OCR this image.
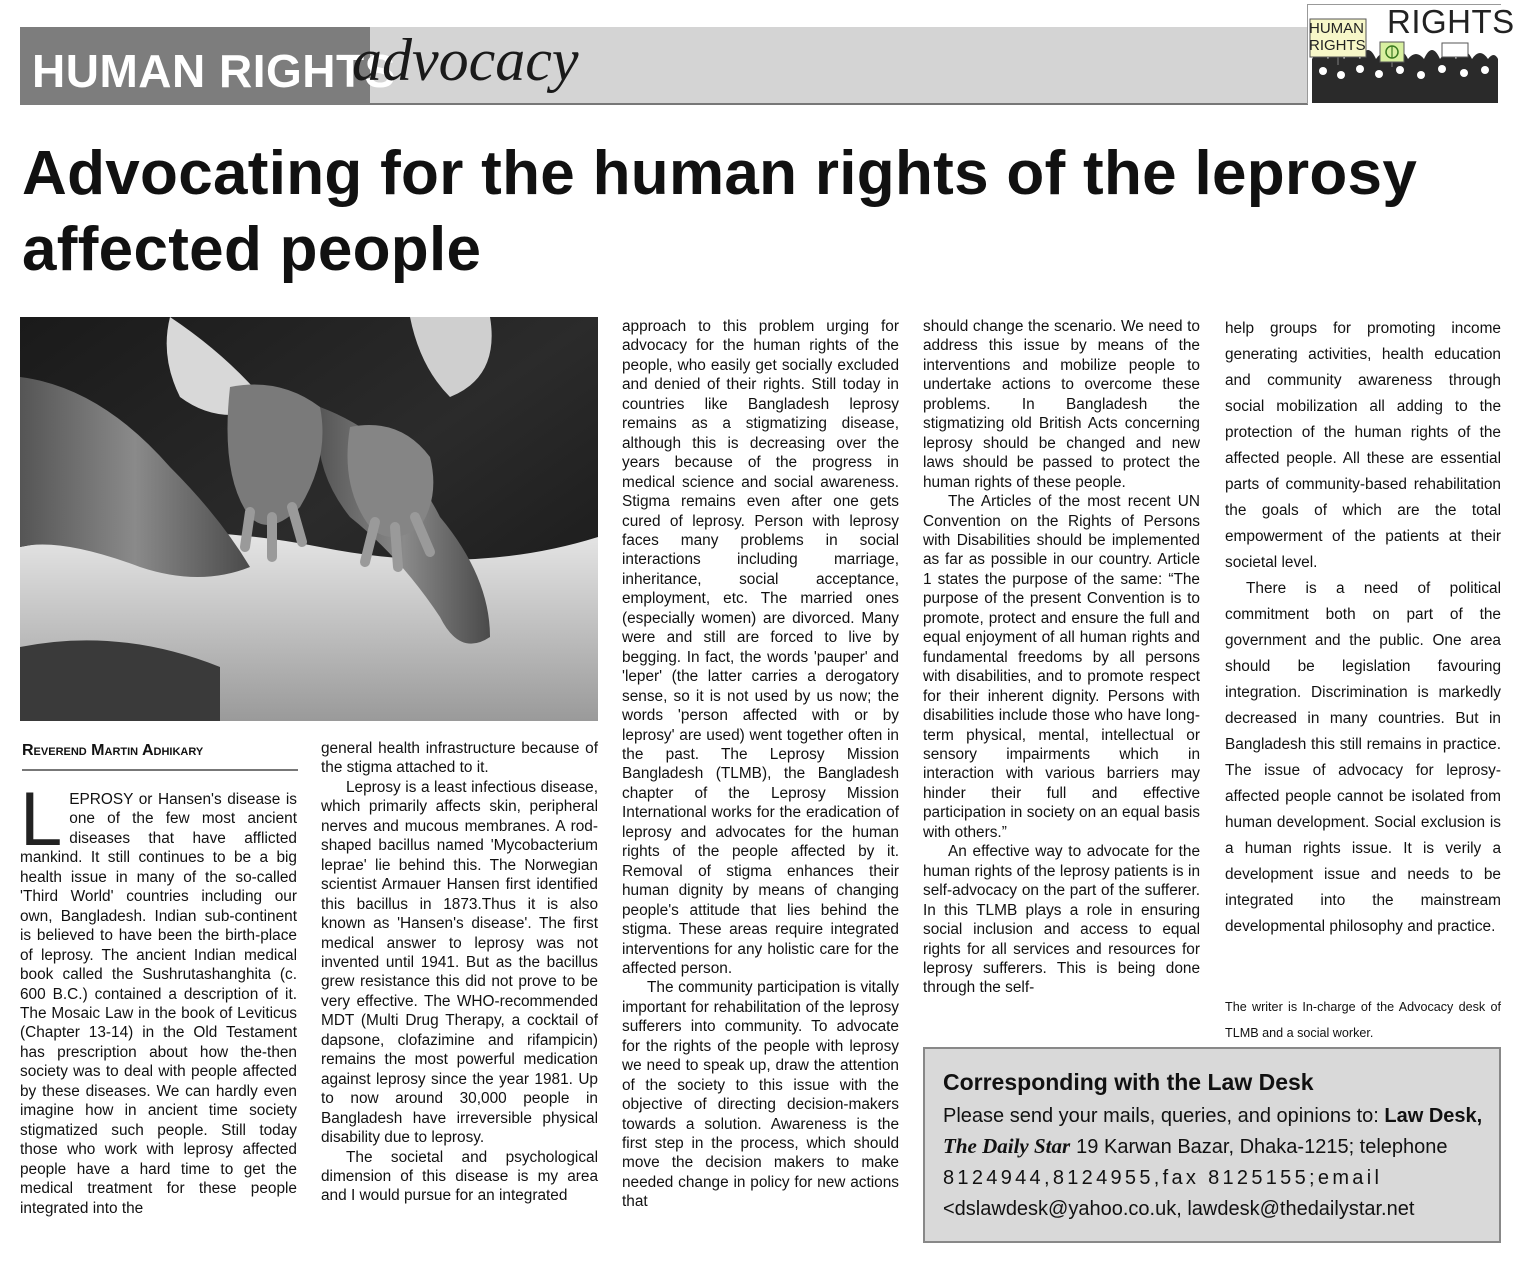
HUMAN RIGHTS
advocacy	HUMAN
RIGHTS
RIGHTS
Advocating for the human rights of the leprosy affected people
Reverend Martin Adhikary

LEPROSY or Hansen's disease is one of the few most ancient diseases that have afflicted mankind. It still continues to be a big health issue in many of the so-called 'Third World' countries including our own, Bangladesh. Indian sub-continent is believed to have been the birth-place of leprosy. The ancient Indian medical book called the Sushrutashanghita (c. 600 B.C.) contained a description of it. The Mosaic Law in the book of Leviticus (Chapter 13-14) in the Old Testament has prescription about how the-then society was to deal with people affected by these diseases. We can hardly even imagine how in ancient time society stigmatized such people. Still today those who work with leprosy affected people have a hard time to get the medical treatment for these people integrated into the

general health infrastructure because of the stigma attached to it.

Leprosy is a least infectious disease, which primarily affects skin, peripheral nerves and mucous membranes. A rod-shaped bacillus named 'Mycobacterium leprae' lie behind this. The Norwegian scientist Armauer Hansen first identified this bacillus in 1873.Thus it is also known as 'Hansen's disease'. The first medical answer to leprosy was not invented until 1941. But as the bacillus grew resistance this did not prove to be very effective. The WHO-recommended MDT (Multi Drug Therapy, a cocktail of dapsone, clofazimine and rifampicin) remains the most powerful medication against leprosy since the year 1981. Up to now around 30,000 people in Bangladesh have irreversible physical disability due to leprosy.

The societal and psychological dimension of this disease is my area and I would pursue for an integrated

approach to this problem urging for advocacy for the human rights of the people, who easily get socially excluded and denied of their rights. Still today in countries like Bangladesh leprosy remains as a stigmatizing disease, although this is decreasing over the years because of the progress in medical science and social awareness. Stigma remains even after one gets cured of leprosy. Person with leprosy faces many problems in social interactions including marriage, inheritance, social acceptance, employment, etc. The married ones (especially women) are divorced. Many were and still are forced to live by begging. In fact, the words 'pauper' and 'leper' (the latter carries a derogatory sense, so it is not used by us now; the words 'person affected with or by leprosy' are used) went together often in the past. The Leprosy Mission Bangladesh (TLMB), the Bangladesh chapter of the Leprosy Mission International works for the eradication of leprosy and advocates for the human rights of the people affected by it. Removal of stigma enhances their human dignity by means of changing people's attitude that lies behind the stigma. These areas require integrated interventions for any holistic care for the affected person.

The community participation is vitally important for rehabilitation of the leprosy sufferers into community. To advocate for the rights of the people with leprosy we need to speak up, draw the attention of the society to this issue with the objective of directing decision-makers towards a solution. Awareness is the first step in the process, which should move the decision makers to make needed change in policy for new actions that

should change the scenario. We need to address this issue by means of the interventions and mobilize people to undertake actions to overcome these problems. In Bangladesh the stigmatizing old British Acts concerning leprosy should be changed and new laws should be passed to protect the human rights of these people.

The Articles of the most recent UN Convention on the Rights of Persons with Disabilities should be implemented as far as possible in our country. Article 1 states the purpose of the same: “The purpose of the present Convention is to promote, protect and ensure the full and equal enjoyment of all human rights and fundamental freedoms by all persons with disabilities, and to promote respect for their inherent dignity. Persons with disabilities include those who have long-term physical, mental, intellectual or sensory impairments which in interaction with various barriers may hinder their full and effective participation in society on an equal basis with others.”

An effective way to advocate for the human rights of the leprosy patients is in self-advocacy on the part of the sufferer. In this TLMB plays a role in ensuring social inclusion and access to equal rights for all services and resources for leprosy sufferers. This is being done through the self-

help groups for promoting income generating activities, health education and community awareness through social mobilization all adding to the protection of the human rights of the affected people. All these are essential parts of community-based rehabilitation the goals of which are the total empowerment of the patients at their societal level.

There is a need of political commitment both on part of the government and the public. One area should be legislation favouring integration. Discrimination is markedly decreased in many countries. But in Bangladesh this still remains in practice. The issue of advocacy for leprosy-affected people cannot be isolated from human development. Social exclusion is a human rights issue. It is verily a development issue and needs to be integrated into the mainstream developmental philosophy and practice.

The writer is In-charge of the Advocacy desk of TLMB and a social worker.
Corresponding with the Law Desk
Please send your mails, queries, and opinions to: Law Desk,
The Daily Star 19 Karwan Bazar, Dhaka-1215; telephone
8124944,8124955,fax 8125155;email
<dslawdesk@yahoo.co.uk, lawdesk@thedailystar.net
